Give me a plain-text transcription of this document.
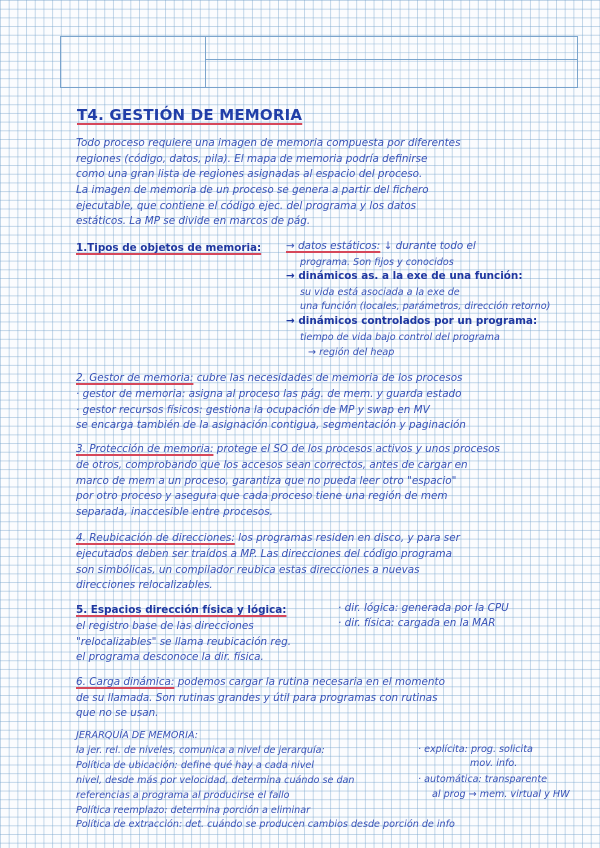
T4. GESTIÓN DE MEMORIA

Todo proceso requiere una imagen de memoria compuesta por diferentes

regiones (código, datos, pila). El mapa de memoria podría definirse

como una gran lista de regiones asignadas al espacio del proceso.

La imagen de memoria de un proceso se genera a partir del fichero

ejecutable, que contiene el código ejec. del programa y los datos

estáticos. La MP se divide en marcos de pág.

1.Tipos de objetos de memoria: → datos estáticos: ↓ durante todo el

programa. Son fijos y conocidos

→ dinámicos as. a la exe de una función:

su vida está asociada a la exe de

una función (locales, parámetros, dirección retorno)

→ dinámicos controlados por un programa:

tiempo de vida bajo control del programa

→ región del heap

2. Gestor de memoria: cubre las necesidades de memoria de los procesos

· gestor de memoria: asigna al proceso las pág. de mem. y guarda estado

· gestor recursos físicos: gestiona la ocupación de MP y swap en MV

se encarga también de la asignación contigua, segmentación y paginación

3. Protección de memoria: protege el SO de los procesos activos y unos procesos

de otros, comprobando que los accesos sean correctos, antes de cargar en

marco de mem a un proceso, garantiza que no pueda leer otro "espacio"

por otro proceso y asegura que cada proceso tiene una región de mem

separada, inaccesible entre procesos.

4. Reubicación de direcciones: los programas residen en disco, y para ser

ejecutados deben ser traídos a MP. Las direcciones del código programa

son simbólicas, un compilador reubica estas direcciones a nuevas

direcciones relocalizables.

5. Espacios dirección física y lógica:	· dir. lógica: generada por la CPU

· dir. física: cargada en la MAR

el registro base de las direcciones

"relocalizables" se llama reubicación reg.

el programa desconoce la dir. física.

6. Carga dinámica: podemos cargar la rutina necesaria en el momento

de su llamada. Son rutinas grandes y útil para programas con rutinas

que no se usan.

JERARQUÍA DE MEMORIA:

la jer. rel. de niveles, comunica a nivel de jerarquía:

Política de ubicación: define qué hay a cada nivel

nivel, desde más por velocidad, determina cuándo se dan

referencias a programa al producirse el fallo

Política reemplazo: determina porción a eliminar

Política de extracción: det. cuándo se producen cambios desde porción de info

· explícita: prog. solicita

mov. info.

· automática: transparente

al prog → mem. virtual y HW
